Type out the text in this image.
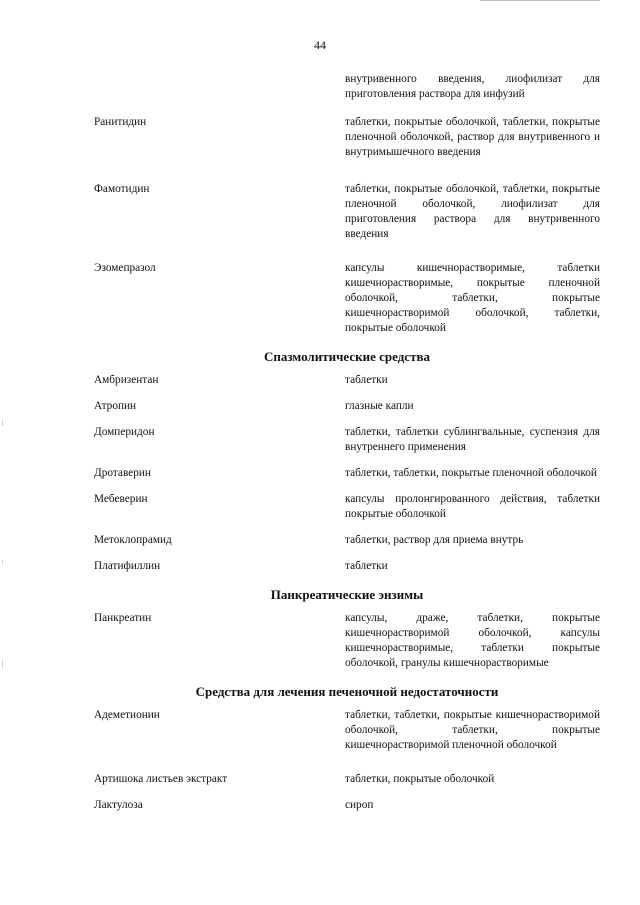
44
внутривенного введения, лиофилизат для приготовления раствора для инфузий
Ранитидин	таблетки, покрытые оболочкой, таблетки, покрытые пленочной оболочкой, раствор для внутривенного и внутримышечного введения
Фамотидин	таблетки, покрытые оболочкой, таблетки, покрытые пленочной оболочкой, лиофилизат для приготовления раствора для внутривенного введения
Эзомепразол	капсулы кишечнорастворимые, таблетки кишечнорастворимые, покрытые пленочной оболочкой, таблетки, покрытые кишечнорастворимой оболочкой, таблетки, покрытые оболочкой
Спазмолитические средства
Амбризентан	таблетки
Атропин	глазные капли
Домперидон	таблетки, таблетки сублингвальные, суспензия для внутреннего применения
Дротаверин	таблетки, таблетки, покрытые пленочной оболочкой
Мебеверин	капсулы пролонгированного действия, таблетки покрытые оболочкой
Метоклопрамид	таблетки, раствор для приема внутрь
Платифиллин	таблетки
Панкреатические энзимы
Панкреатин	капсулы, драже, таблетки, покрытые кишечнорастворимой оболочкой, капсулы кишечнорастворимые, таблетки покрытые оболочкой, гранулы кишечнорастворимые
Средства для лечения печеночной недостаточности
Адеметионин	таблетки, таблетки, покрытые кишечнорастворимой оболочкой, таблетки, покрытые кишечнорастворимой пленочной оболочкой
Артишока листьев экстракт	таблетки, покрытые оболочкой
Лактулоза	сироп
